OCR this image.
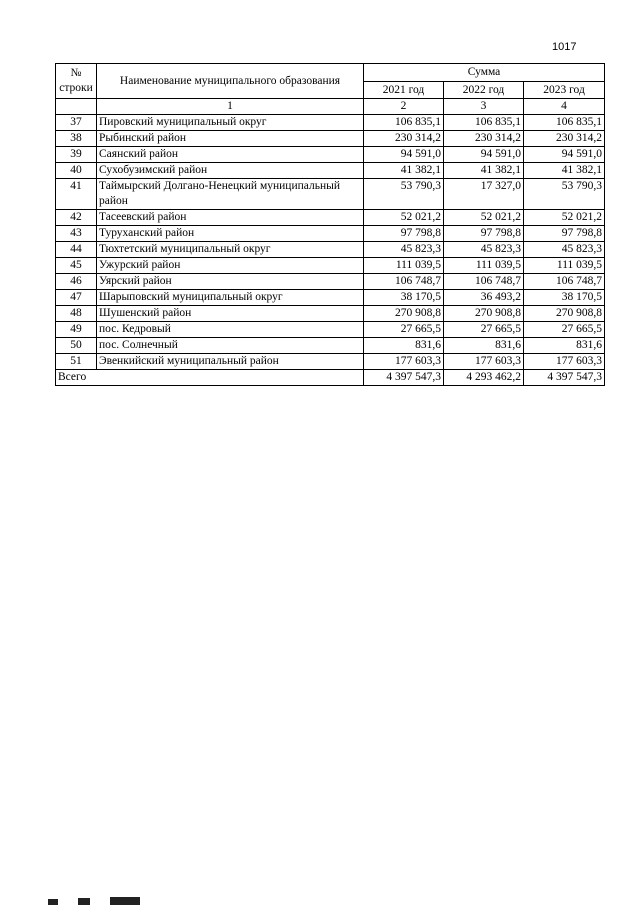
1017
№ строки	Наименование муниципального образования	Сумма		
		2021 год	2022 год	2023 год
	1	2	3	4
37	Пировский муниципальный округ	106 835,1	106 835,1	106 835,1
38	Рыбинский район	230 314,2	230 314,2	230 314,2
39	Саянский район	94 591,0	94 591,0	94 591,0
40	Сухобузимский район	41 382,1	41 382,1	41 382,1
41	Таймырский Долгано-Ненецкий муниципальный район	53 790,3	17 327,0	53 790,3
42	Тасеевский район	52 021,2	52 021,2	52 021,2
43	Туруханский район	97 798,8	97 798,8	97 798,8
44	Тюхтетский муниципальный округ	45 823,3	45 823,3	45 823,3
45	Ужурский район	111 039,5	111 039,5	111 039,5
46	Уярский район	106 748,7	106 748,7	106 748,7
47	Шарыповский муниципальный округ	38 170,5	36 493,2	38 170,5
48	Шушенский район	270 908,8	270 908,8	270 908,8
49	пос. Кедровый	27 665,5	27 665,5	27 665,5
50	пос. Солнечный	831,6	831,6	831,6
51	Эвенкийский муниципальный район	177 603,3	177 603,3	177 603,3
Всего		4 397 547,3	4 293 462,2	4 397 547,3
